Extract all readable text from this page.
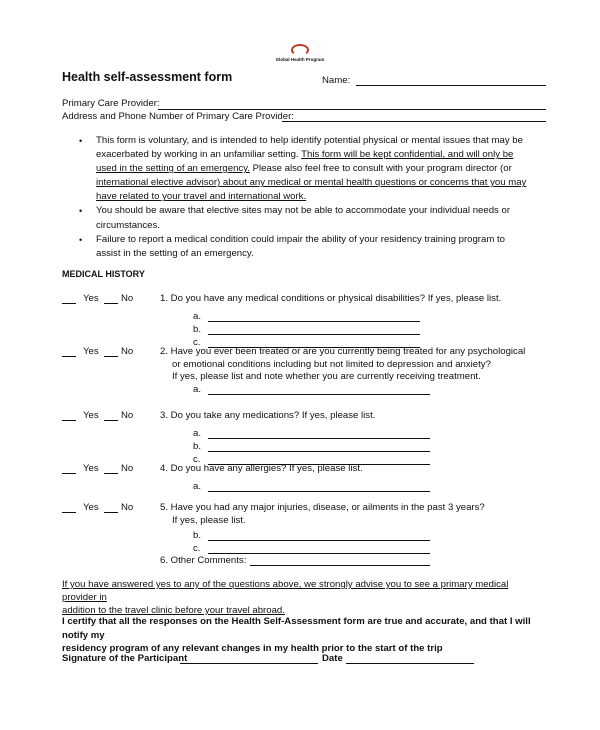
Global Health Program
Health self-assessment form	Name:
Primary Care Provider:
Address and Phone Number of Primary Care Provider:
• This form is voluntary, and is intended to help identify potential physical or mental issues that may be
exacerbated by working in an unfamiliar setting. This form will be kept confidential, and will only be
used in the setting of an emergency. Please also feel free to consult with your program director (or
international elective advisor) about any medical or mental health questions or concerns that you may
have related to your travel and international work.
• You should be aware that elective sites may not be able to accommodate your individual needs or
circumstances.
• Failure to report a medical condition could impair the ability of your residency training program to
assist in the setting of an emergency.
MEDICAL HISTORY
Yes No	1. Do you have any medical conditions or physical disabilities? If yes, please list.
a.
b.
c.
Yes No	2. Have you ever been treated or are you currently being treated for any psychological
or emotional conditions including but not limited to depression and anxiety?
If yes, please list and note whether you are currently receiving treatment.
a.
Yes No	3. Do you take any medications? If yes, please list.
a.
b.
c.
Yes No	4. Do you have any allergies? If yes, please list.
a.
Yes No	5. Have you had any major injuries, disease, or ailments in the past 3 years?
If yes, please list.
b.
c.
6. Other Comments:
If you have answered yes to any of the questions above, we strongly advise you to see a primary medical provider in
addition to the travel clinic before your travel abroad.
I certify that all the responses on the Health Self-Assessment form are true and accurate, and that I will notify my
residency program of any relevant changes in my health prior to the start of the trip
Signature of the Participant	Date
